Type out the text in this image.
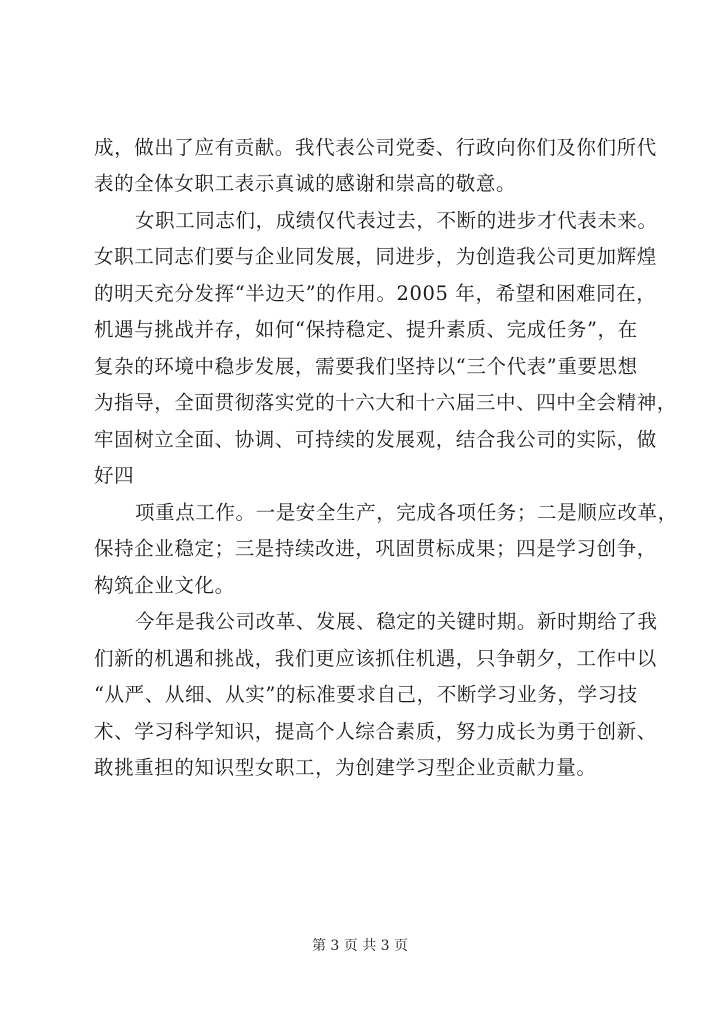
成，做出了应有贡献。我代表公司党委、行政向你们及你们所代
表的全体女职工表示真诚的感谢和崇高的敬意。
女职工同志们，成绩仅代表过去，不断的进步才代表未来。
女职工同志们要与企业同发展，同进步，为创造我公司更加辉煌
的明天充分发挥“半边天”的作用。2005 年，希望和困难同在，
机遇与挑战并存，如何“保持稳定、提升素质、完成任务”，在
复杂的环境中稳步发展，需要我们坚持以“三个代表”重要思想
为指导，全面贯彻落实党的十六大和十六届三中、四中全会精神，
牢固树立全面、协调、可持续的发展观，结合我公司的实际，做
好四
项重点工作。一是安全生产，完成各项任务；二是顺应改革，
保持企业稳定；三是持续改进，巩固贯标成果；四是学习创争，
构筑企业文化。
今年是我公司改革、发展、稳定的关键时期。新时期给了我
们新的机遇和挑战，我们更应该抓住机遇，只争朝夕，工作中以
“从严、从细、从实”的标准要求自己，不断学习业务，学习技
术、学习科学知识，提高个人综合素质，努力成长为勇于创新、
敢挑重担的知识型女职工，为创建学习型企业贡献力量。
第 3 页 共 3 页
